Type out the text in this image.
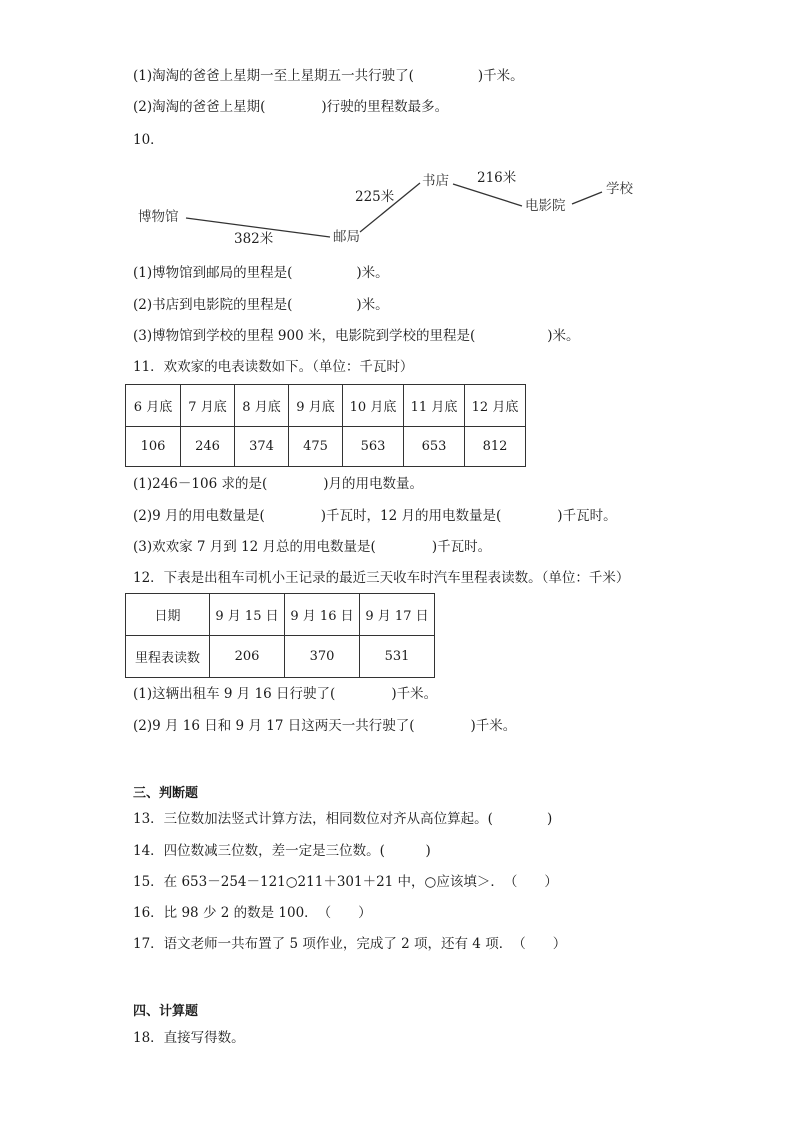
(1)淘淘的爸爸上星期一至上星期五一共行驶了(	)千米。
(2)淘淘的爸爸上星期(	)行驶的里程数最多。
10．
博物馆
邮局
书店
电影院
学校
382米
225米
216米
(1)博物馆到邮局的里程是(	)米。
(2)书店到电影院的里程是(	)米。
(3)博物馆到学校的里程 900 米，电影院到学校的里程是(	)米。
11．欢欢家的电表读数如下。（单位：千瓦时）
6 月底	7 月底	8 月底	9 月底	10 月底	11 月底	12 月底
106	246	374	475	563	653	812
(1)246－106 求的是(	)月的用电数量。
(2)9 月的用电数量是(	)千瓦时，12 月的用电数量是(	)千瓦时。
(3)欢欢家 7 月到 12 月总的用电数量是(	)千瓦时。
12．下表是出租车司机小王记录的最近三天收车时汽车里程表读数。（单位：千米）
日期	9 月 15 日	9 月 16 日	9 月 17 日
里程表读数	206	370	531
(1)这辆出租车 9 月 16 日行驶了(	)千米。
(2)9 月 16 日和 9 月 17 日这两天一共行驶了(	)千米。
三、判断题
13．三位数加法竖式计算方法，相同数位对齐从高位算起。(　　　　)
14．四位数减三位数，差一定是三位数。(　　　)
15．在 653－254－121○211＋301＋21 中，○应该填＞．　（　　）
16．比 98 少 2 的数是 100．　（　　）
17．语文老师一共布置了 5 项作业，完成了 2 项，还有 4 项．　（　　）
四、计算题
18．直接写得数。
